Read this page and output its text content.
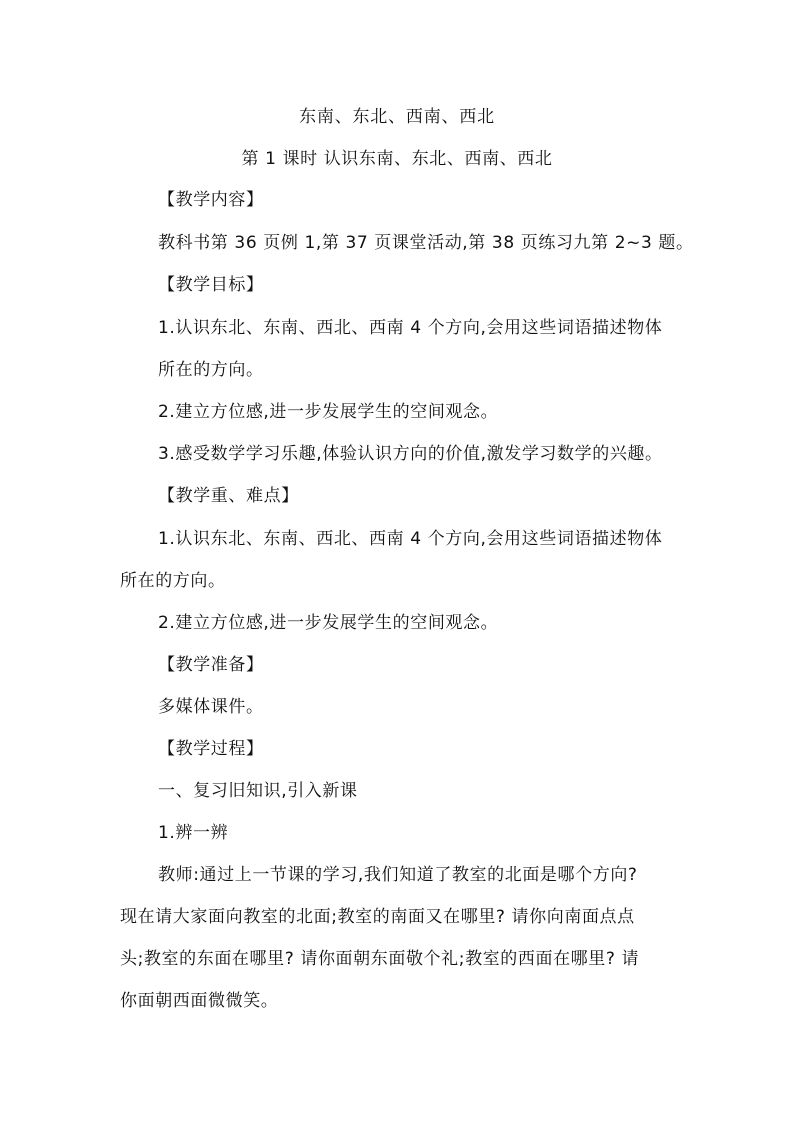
东南、东北、西南、西北
第 1 课时 认识东南、东北、西南、西北
【教学内容】
教科书第 36 页例 1,第 37 页课堂活动,第 38 页练习九第 2~3 题。
【教学目标】
1.认识东北、东南、西北、西南 4 个方向,会用这些词语描述物体
所在的方向。
2.建立方位感,进一步发展学生的空间观念。
3.感受数学学习乐趣,体验认识方向的价值,激发学习数学的兴趣。
【教学重、难点】
1.认识东北、东南、西北、西南 4 个方向,会用这些词语描述物体
所在的方向。
2.建立方位感,进一步发展学生的空间观念。
【教学准备】
多媒体课件。
【教学过程】
一、复习旧知识,引入新课
1.辨一辨
教师:通过上一节课的学习,我们知道了教室的北面是哪个方向?
现在请大家面向教室的北面;教室的南面又在哪里? 请你向南面点点
头;教室的东面在哪里? 请你面朝东面敬个礼;教室的西面在哪里? 请
你面朝西面微微笑。
